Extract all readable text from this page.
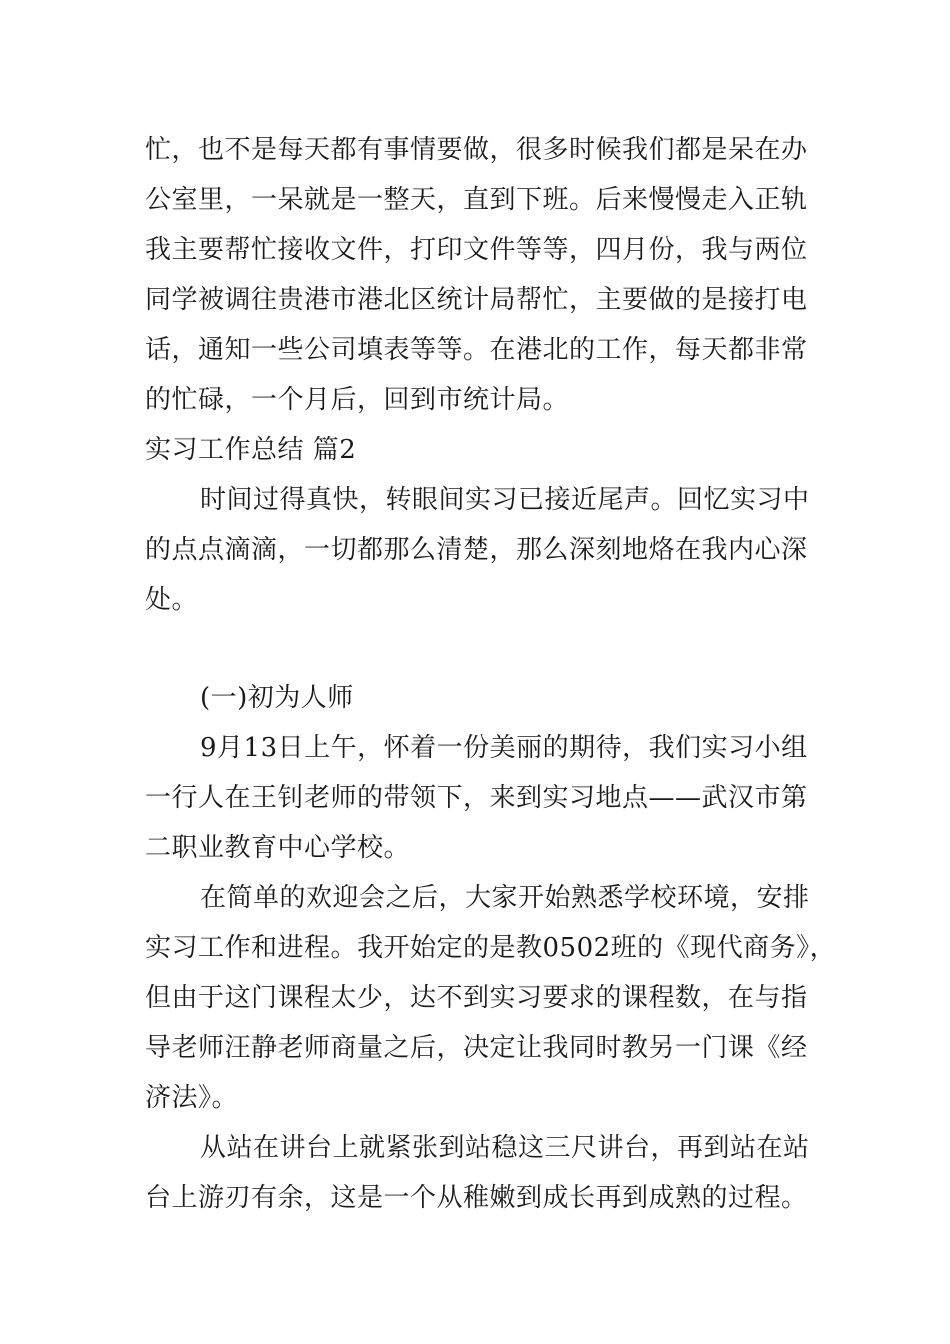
忙，也不是每天都有事情要做，很多时候我们都是呆在办
公室里，一呆就是一整天，直到下班。后来慢慢走入正轨
我主要帮忙接收文件，打印文件等等，四月份，我与两位
同学被调往贵港市港北区统计局帮忙，主要做的是接打电
话，通知一些公司填表等等。在港北的工作，每天都非常
的忙碌，一个月后，回到市统计局。
实习工作总结 篇2
时间过得真快，转眼间实习已接近尾声。回忆实习中
的点点滴滴，一切都那么清楚，那么深刻地烙在我内心深
处。
(一)初为人师
9月13日上午，怀着一份美丽的期待，我们实习小组
一行人在王钊老师的带领下，来到实习地点——武汉市第
二职业教育中心学校。
在简单的欢迎会之后，大家开始熟悉学校环境，安排
实习工作和进程。我开始定的是教0502班的《现代商务》，
但由于这门课程太少，达不到实习要求的课程数，在与指
导老师汪静老师商量之后，决定让我同时教另一门课《经
济法》。
从站在讲台上就紧张到站稳这三尺讲台，再到站在站
台上游刃有余，这是一个从稚嫩到成长再到成熟的过程。
